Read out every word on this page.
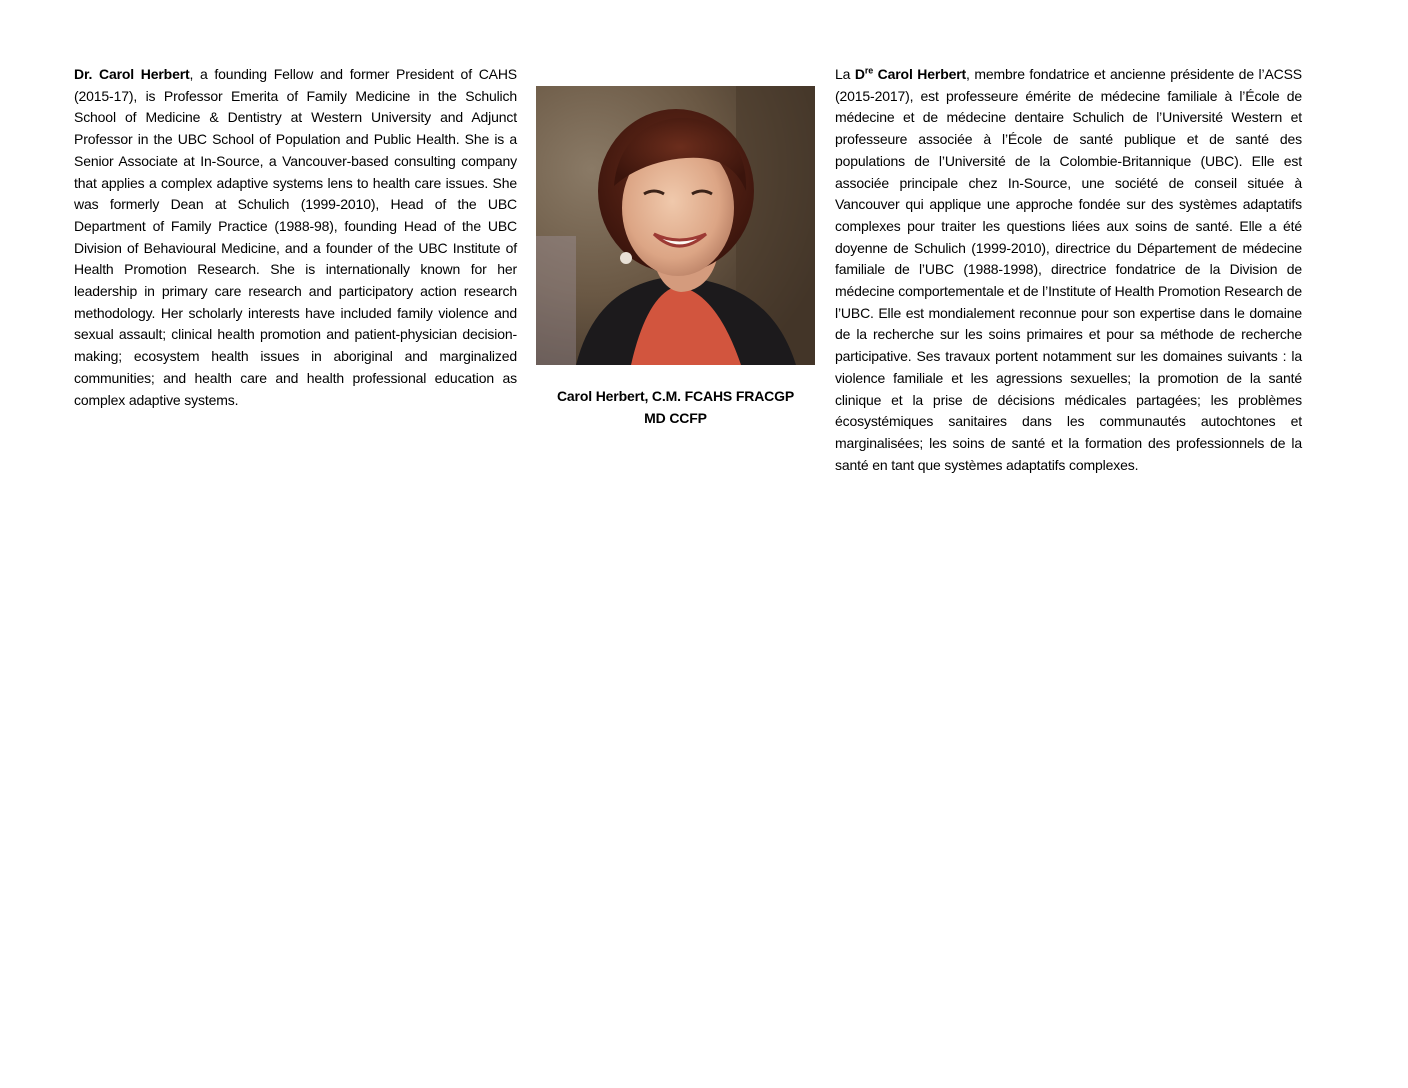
Dr. Carol Herbert, a founding Fellow and former President of CAHS (2015-17), is Professor Emerita of Family Medicine in the Schulich School of Medicine & Dentistry at Western University and Adjunct Professor in the UBC School of Population and Public Health. She is a Senior Associate at In-Source, a Vancouver-based consulting company that applies a complex adaptive systems lens to health care issues. She was formerly Dean at Schulich (1999-2010), Head of the UBC Department of Family Practice (1988-98), founding Head of the UBC Division of Behavioural Medicine, and a founder of the UBC Institute of Health Promotion Research. She is internationally known for her leadership in primary care research and participatory action research methodology. Her scholarly interests have included family violence and sexual assault; clinical health promotion and patient-physician decision-making; ecosystem health issues in aboriginal and marginalized communities; and health care and health professional education as complex adaptive systems.	Carol Herbert, C.M. FCAHS FRACGP
MD CCFP

La Dre Carol Herbert, membre fondatrice et ancienne présidente de l’ACSS (2015-2017), est professeure émérite de médecine familiale à l’École de médecine et de médecine dentaire Schulich de l’Université Western et professeure associée à l’École de santé publique et de santé des populations de l’Université de la Colombie-Britannique (UBC). Elle est associée principale chez In-Source, une société de conseil située à Vancouver qui applique une approche fondée sur des systèmes adaptatifs complexes pour traiter les questions liées aux soins de santé. Elle a été doyenne de Schulich (1999-2010), directrice du Département de médecine familiale de l’UBC (1988-1998), directrice fondatrice de la Division de médecine comportementale et de l’Institute of Health Promotion Research de l’UBC. Elle est mondialement reconnue pour son expertise dans le domaine de la recherche sur les soins primaires et pour sa méthode de recherche participative. Ses travaux portent notamment sur les domaines suivants : la violence familiale et les agressions sexuelles; la promotion de la santé clinique et la prise de décisions médicales partagées; les problèmes écosystémiques sanitaires dans les communautés autochtones et marginalisées; les soins de santé et la formation des professionnels de la santé en tant que systèmes adaptatifs complexes.
